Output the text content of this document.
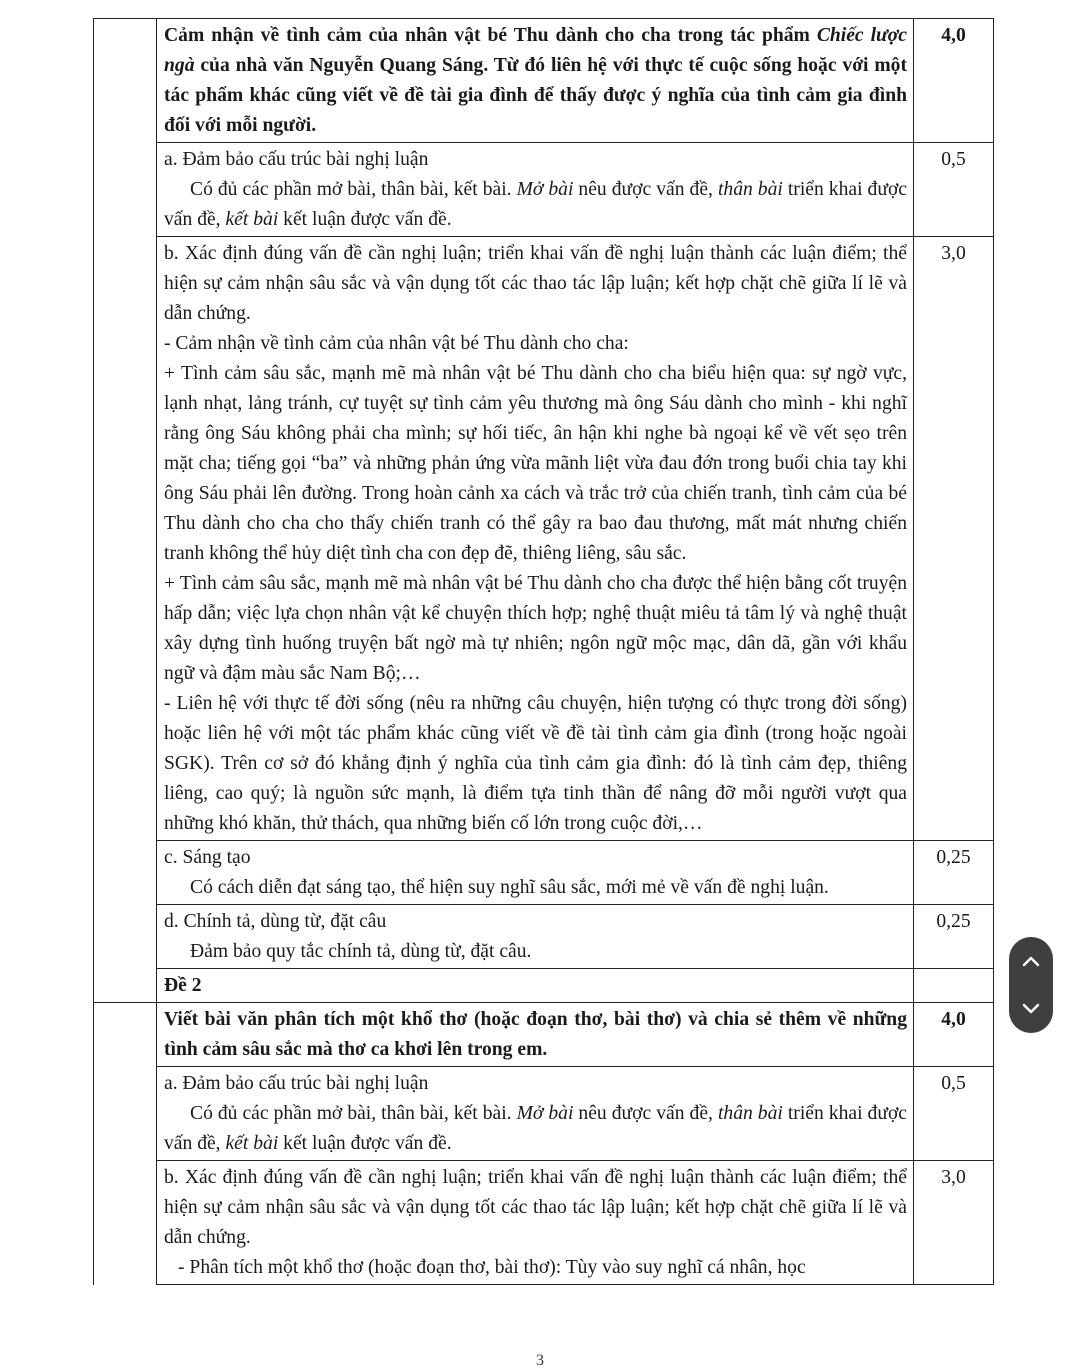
	Cảm nhận về tình cảm của nhân vật bé Thu dành cho cha trong tác phẩm Chiếc lược ngà của nhà văn Nguyễn Quang Sáng. Từ đó liên hệ với thực tế cuộc sống hoặc với một tác phẩm khác cũng viết về đề tài gia đình để thấy được ý nghĩa của tình cảm gia đình đối với mỗi người.	4,0

	a. Đảm bảo cấu trúc bài nghị luận

Có đủ các phần mở bài, thân bài, kết bài. Mở bài nêu được vấn đề, thân bài triển khai được vấn đề, kết bài kết luận được vấn đề.	0,5

	b. Xác định đúng vấn đề cần nghị luận; triển khai vấn đề nghị luận thành các luận điểm; thể hiện sự cảm nhận sâu sắc và vận dụng tốt các thao tác lập luận; kết hợp chặt chẽ giữa lí lẽ và dẫn chứng.

- Cảm nhận về tình cảm của nhân vật bé Thu dành cho cha:

+ Tình cảm sâu sắc, mạnh mẽ mà nhân vật bé Thu dành cho cha biểu hiện qua: sự ngờ vực, lạnh nhạt, lảng tránh, cự tuyệt sự tình cảm yêu thương mà ông Sáu dành cho mình - khi nghĩ rằng ông Sáu không phải cha mình; sự hối tiếc, ân hận khi nghe bà ngoại kể về vết sẹo trên mặt cha; tiếng gọi “ba” và những phản ứng vừa mãnh liệt vừa đau đớn trong buổi chia tay khi ông Sáu phải lên đường. Trong hoàn cảnh xa cách và trắc trở của chiến tranh, tình cảm của bé Thu dành cho cha cho thấy chiến tranh có thể gây ra bao đau thương, mất mát nhưng chiến tranh không thể hủy diệt tình cha con đẹp đẽ, thiêng liêng, sâu sắc.

+ Tình cảm sâu sắc, mạnh mẽ mà nhân vật bé Thu dành cho cha được thể hiện bằng cốt truyện hấp dẫn; việc lựa chọn nhân vật kể chuyện thích hợp; nghệ thuật miêu tả tâm lý và nghệ thuật xây dựng tình huống truyện bất ngờ mà tự nhiên; ngôn ngữ mộc mạc, dân dã, gần với khẩu ngữ và đậm màu sắc Nam Bộ;…

- Liên hệ với thực tế đời sống (nêu ra những câu chuyện, hiện tượng có thực trong đời sống) hoặc liên hệ với một tác phẩm khác cũng viết về đề tài tình cảm gia đình (trong hoặc ngoài SGK). Trên cơ sở đó khẳng định ý nghĩa của tình cảm gia đình: đó là tình cảm đẹp, thiêng liêng, cao quý; là nguồn sức mạnh, là điểm tựa tinh thần để nâng đỡ mỗi người vượt qua những khó khăn, thử thách, qua những biến cố lớn trong cuộc đời,…	3,0

	c. Sáng tạo

Có cách diễn đạt sáng tạo, thể hiện suy nghĩ sâu sắc, mới mẻ về vấn đề nghị luận.	0,25

	d. Chính tả, dùng từ, đặt câu

Đảm bảo quy tắc chính tả, dùng từ, đặt câu.	0,25
	Đề 2	
	Viết bài văn phân tích một khổ thơ (hoặc đoạn thơ, bài thơ) và chia sẻ thêm về những tình cảm sâu sắc mà thơ ca khơi lên trong em.	4,0

	a. Đảm bảo cấu trúc bài nghị luận

Có đủ các phần mở bài, thân bài, kết bài. Mở bài nêu được vấn đề, thân bài triển khai được vấn đề, kết bài kết luận được vấn đề.	0,5

	b. Xác định đúng vấn đề cần nghị luận; triển khai vấn đề nghị luận thành các luận điểm; thể hiện sự cảm nhận sâu sắc và vận dụng tốt các thao tác lập luận; kết hợp chặt chẽ giữa lí lẽ và dẫn chứng.

- Phân tích một khổ thơ (hoặc đoạn thơ, bài thơ): Tùy vào suy nghĩ cá nhân, học	3,0
3
